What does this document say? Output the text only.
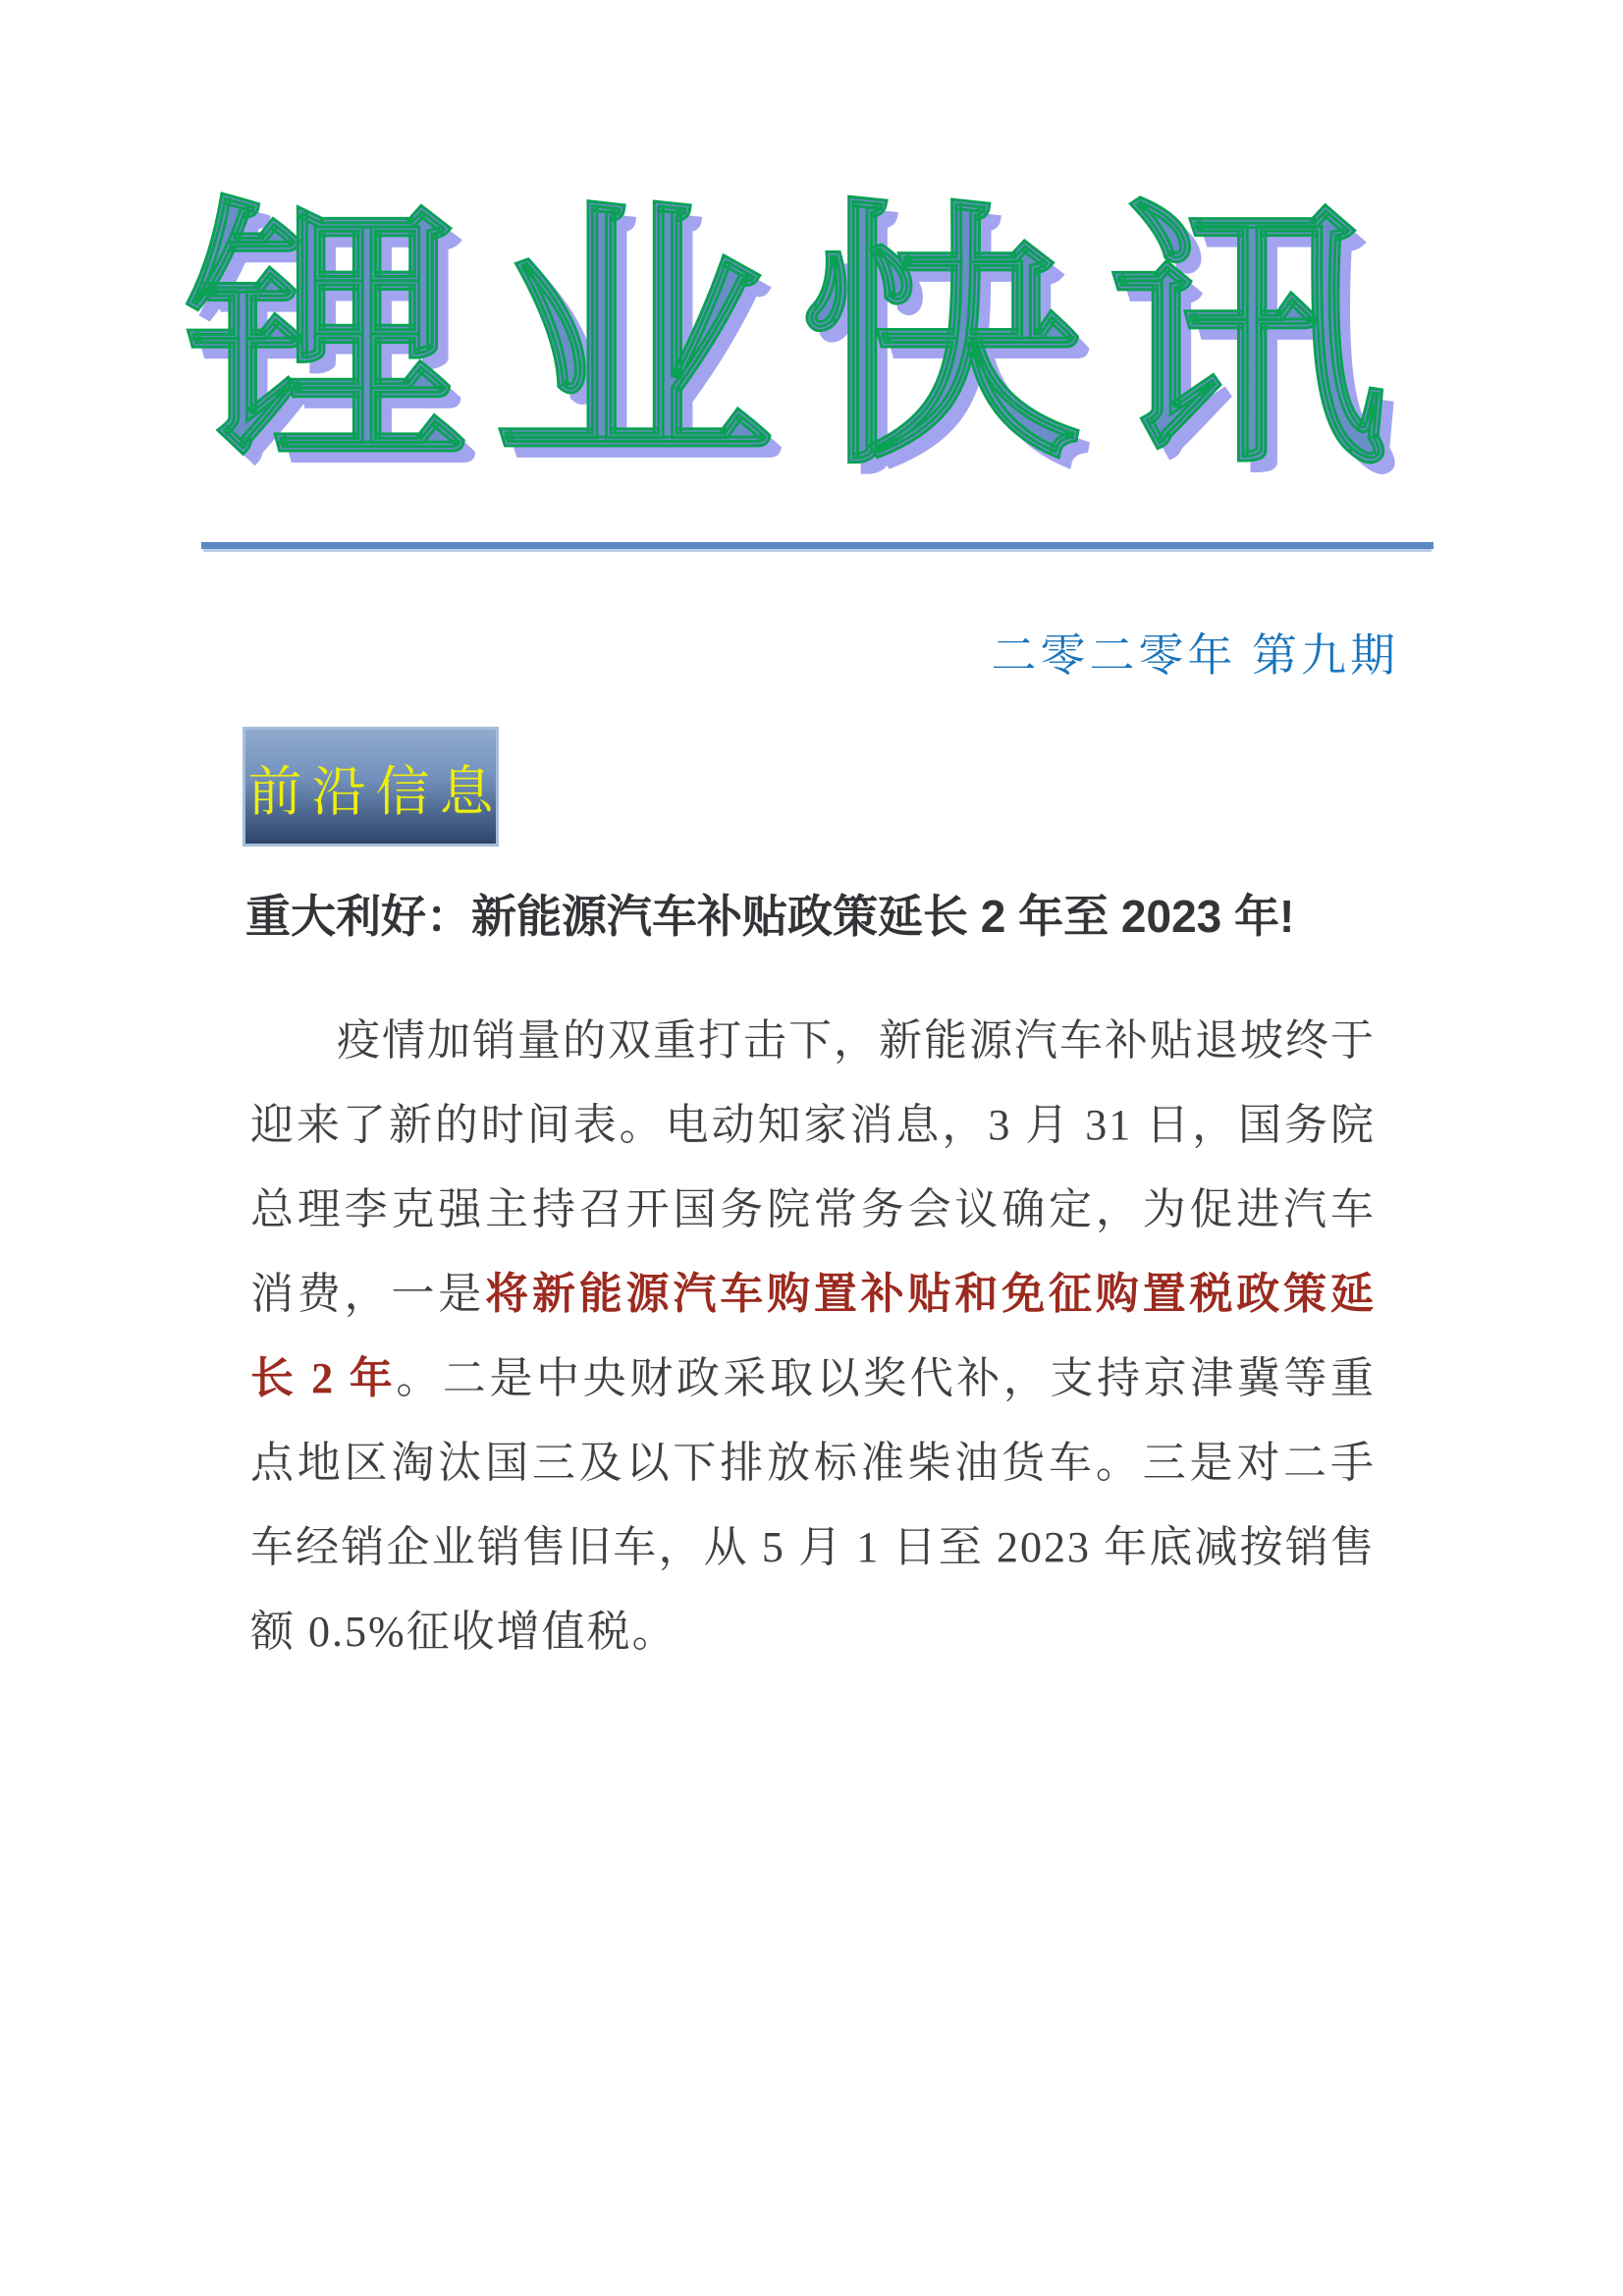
锂业快讯
二零二零年 第九期
前沿信息
重大利好：新能源汽车补贴政策延长 2 年至 2023 年!

疫情加销量的双重打击下，新能源汽车补贴退坡终于迎来了新的时间表。电动知家消息，3 月 31 日，国务院总理李克强主持召开国务院常务会议确定，为促进汽车消费，一是将新能源汽车购置补贴和免征购置税政策延长 2 年。二是中央财政采取以奖代补，支持京津冀等重点地区淘汰国三及以下排放标准柴油货车。三是对二手车经销企业销售旧车，从 5 月 1 日至 2023 年底减按销售额 0.5%征收增值税。
